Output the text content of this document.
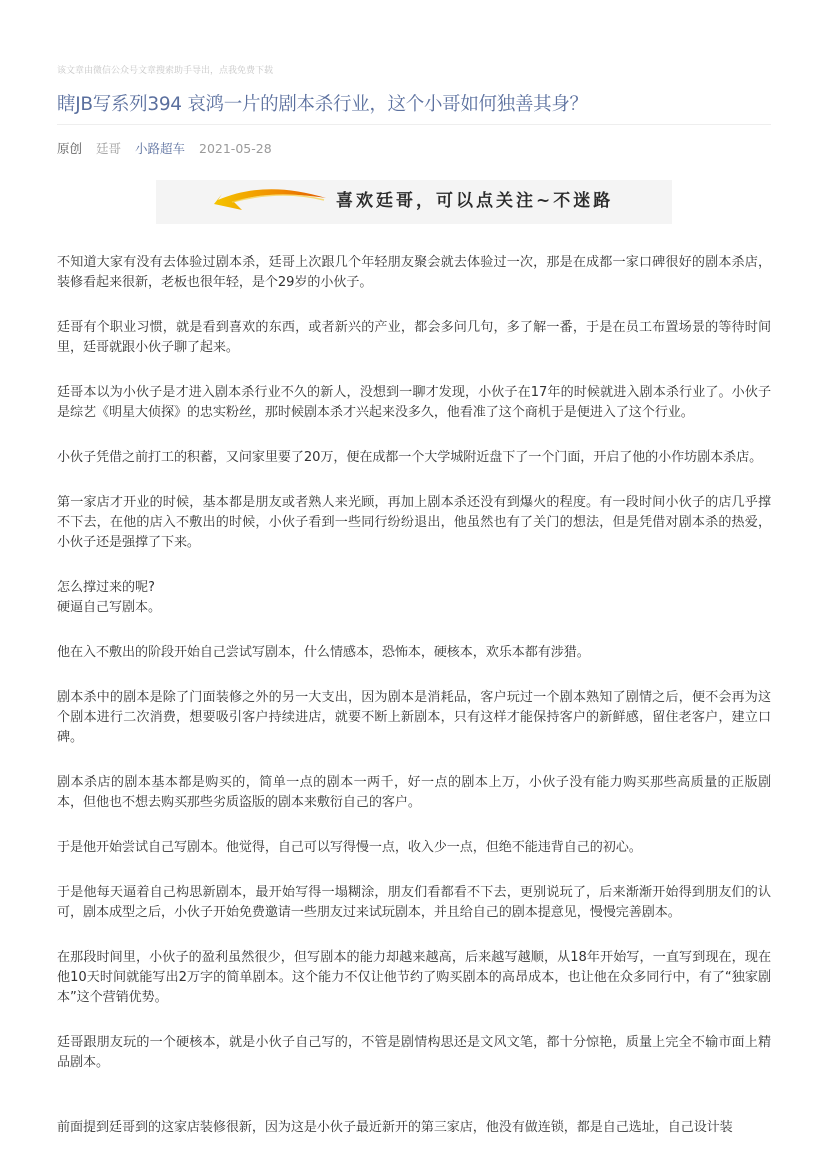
该文章由微信公众号文章搜索助手导出，点我免费下载
瞎JB写系列394 哀鸿一片的剧本杀行业，这个小哥如何独善其身？
原创 廷哥 小路超车 2021-05-28
喜欢廷哥，可以点关注~不迷路

不知道大家有没有去体验过剧本杀，廷哥上次跟几个年轻朋友聚会就去体验过一次，那是在成都一家口碑很好的剧本杀店，装修看起来很新，老板也很年轻，是个29岁的小伙子。

廷哥有个职业习惯，就是看到喜欢的东西，或者新兴的产业，都会多问几句，多了解一番，于是在员工布置场景的等待时间里，廷哥就跟小伙子聊了起来。

廷哥本以为小伙子是才进入剧本杀行业不久的新人，没想到一聊才发现，小伙子在17年的时候就进入剧本杀行业了。小伙子是综艺《明星大侦探》的忠实粉丝，那时候剧本杀才兴起来没多久，他看准了这个商机于是便进入了这个行业。

小伙子凭借之前打工的积蓄，又问家里要了20万，便在成都一个大学城附近盘下了一个门面，开启了他的小作坊剧本杀店。

第一家店才开业的时候，基本都是朋友或者熟人来光顾，再加上剧本杀还没有到爆火的程度。有一段时间小伙子的店几乎撑不下去，在他的店入不敷出的时候，小伙子看到一些同行纷纷退出，他虽然也有了关门的想法，但是凭借对剧本杀的热爱，小伙子还是强撑了下来。

怎么撑过来的呢?

硬逼自己写剧本。

他在入不敷出的阶段开始自己尝试写剧本，什么情感本，恐怖本，硬核本，欢乐本都有涉猎。

剧本杀中的剧本是除了门面装修之外的另一大支出，因为剧本是消耗品，客户玩过一个剧本熟知了剧情之后，便不会再为这个剧本进行二次消费，想要吸引客户持续进店，就要不断上新剧本，只有这样才能保持客户的新鲜感，留住老客户，建立口碑。

剧本杀店的剧本基本都是购买的，简单一点的剧本一两千，好一点的剧本上万，小伙子没有能力购买那些高质量的正版剧本，但他也不想去购买那些劣质盗版的剧本来敷衍自己的客户。

于是他开始尝试自己写剧本。他觉得，自己可以写得慢一点，收入少一点，但绝不能违背自己的初心。

于是他每天逼着自己构思新剧本，最开始写得一塌糊涂，朋友们看都看不下去，更别说玩了，后来渐渐开始得到朋友们的认可，剧本成型之后，小伙子开始免费邀请一些朋友过来试玩剧本，并且给自己的剧本提意见，慢慢完善剧本。

在那段时间里，小伙子的盈利虽然很少，但写剧本的能力却越来越高，后来越写越顺，从18年开始写，一直写到现在，现在他10天时间就能写出2万字的简单剧本。这个能力不仅让他节约了购买剧本的高昂成本，也让他在众多同行中，有了“独家剧本”这个营销优势。

廷哥跟朋友玩的一个硬核本，就是小伙子自己写的，不管是剧情构思还是文风文笔，都十分惊艳，质量上完全不输市面上精品剧本。

前面提到廷哥到的这家店装修很新，因为这是小伙子最近新开的第三家店，他没有做连锁，都是自己选址，自己设计装
